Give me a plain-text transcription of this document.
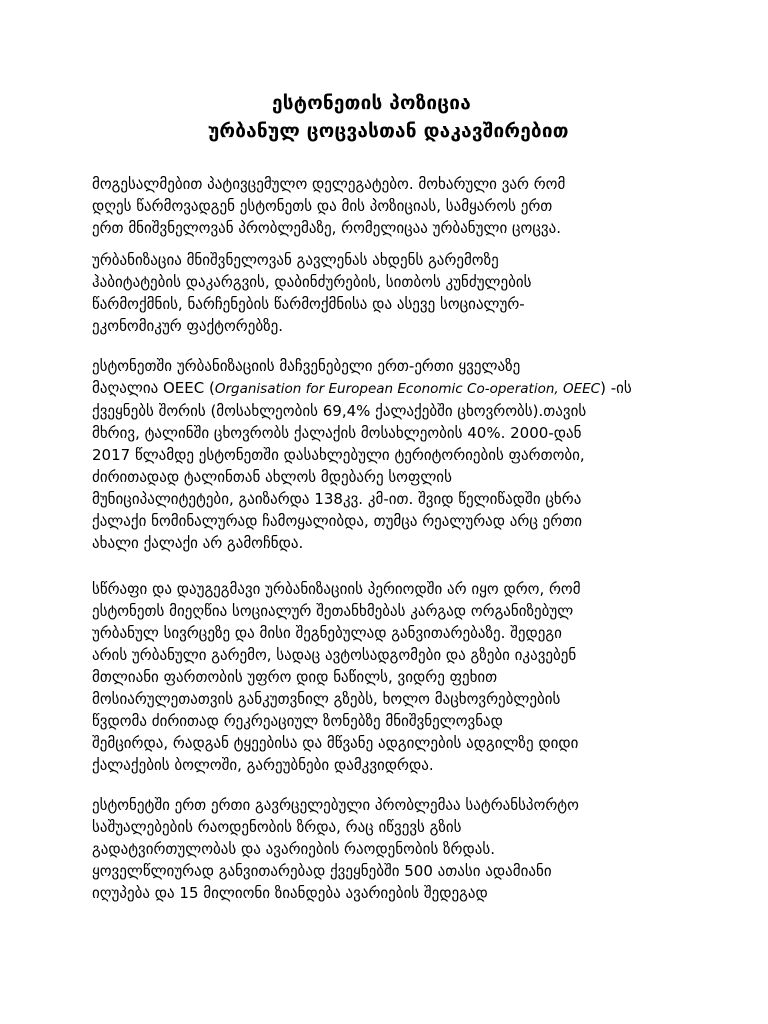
ესტონეთის პოზიცია
ურბანულ ცოცვასთან დაკავშირებით

მოგესალმებით პატივცემულო დელეგატებო. მოხარული ვარ რომ
დღეს წარმოვადგენ ესტონეთს და მის პოზიციას, სამყაროს ერთ
ერთ მნიშვნელოვან პრობლემაზე, რომელიცაა ურბანული ცოცვა.

ურბანიზაცია მნიშვნელოვან გავლენას ახდენს გარემოზე
ჰაბიტატების დაკარგვის, დაბინძურების, სითბოს კუნძულების
წარმოქმნის, ნარჩენების წარმოქმნისა და ასევე სოციალურ-
ეკონომიკურ ფაქტორებზე.

ესტონეთში ურბანიზაციის მაჩვენებელი ერთ-ერთი ყველაზე
მაღალია OEEC (Organisation for European Economic Co-operation, OEEC) -ის
ქვეყნებს შორის (მოსახლეობის 69,4% ქალაქებში ცხოვრობს).თავის
მხრივ, ტალინში ცხოვრობს ქალაქის მოსახლეობის 40%. 2000-დან
2017 წლამდე ესტონეთში დასახლებული ტერიტორიების ფართობი,
ძირითადად ტალინთან ახლოს მდებარე სოფლის
მუნიციპალიტეტები, გაიზარდა 138კვ. კმ-ით. შვიდ წელიწადში ცხრა
ქალაქი ნომინალურად ჩამოყალიბდა, თუმცა რეალურად არც ერთი
ახალი ქალაქი არ გამოჩნდა.

სწრაფი და დაუგეგმავი ურბანიზაციის პერიოდში არ იყო დრო, რომ
ესტონეთს მიეღწია სოციალურ შეთანხმებას კარგად ორგანიზებულ
ურბანულ სივრცეზე და მისი შეგნებულად განვითარებაზე. შედეგი
არის ურბანული გარემო, სადაც ავტოსადგომები და გზები იკავებენ
მთლიანი ფართობის უფრო დიდ ნაწილს, ვიდრე ფეხით
მოსიარულეთათვის განკუთვნილ გზებს, ხოლო მაცხოვრებლების
წვდომა ძირითად რეკრეაციულ ზონებზე მნიშვნელოვნად
შემცირდა, რადგან ტყეებისა და მწვანე ადგილების ადგილზე დიდი
ქალაქების ბოლოში, გარეუბნები დამკვიდრდა.

ესტონეტში ერთ ერთი გავრცელებული პრობლემაა სატრანსპორტო
საშუალებების რაოდენობის ზრდა, რაც იწვევს გზის
გადატვირთულობას და ავარიების რაოდენობის ზრდას.
ყოველწლიურად განვითარებად ქვეყნებში 500 ათასი ადამიანი
იღუპება და 15 მილიონი ზიანდება ავარიების შედეგად
